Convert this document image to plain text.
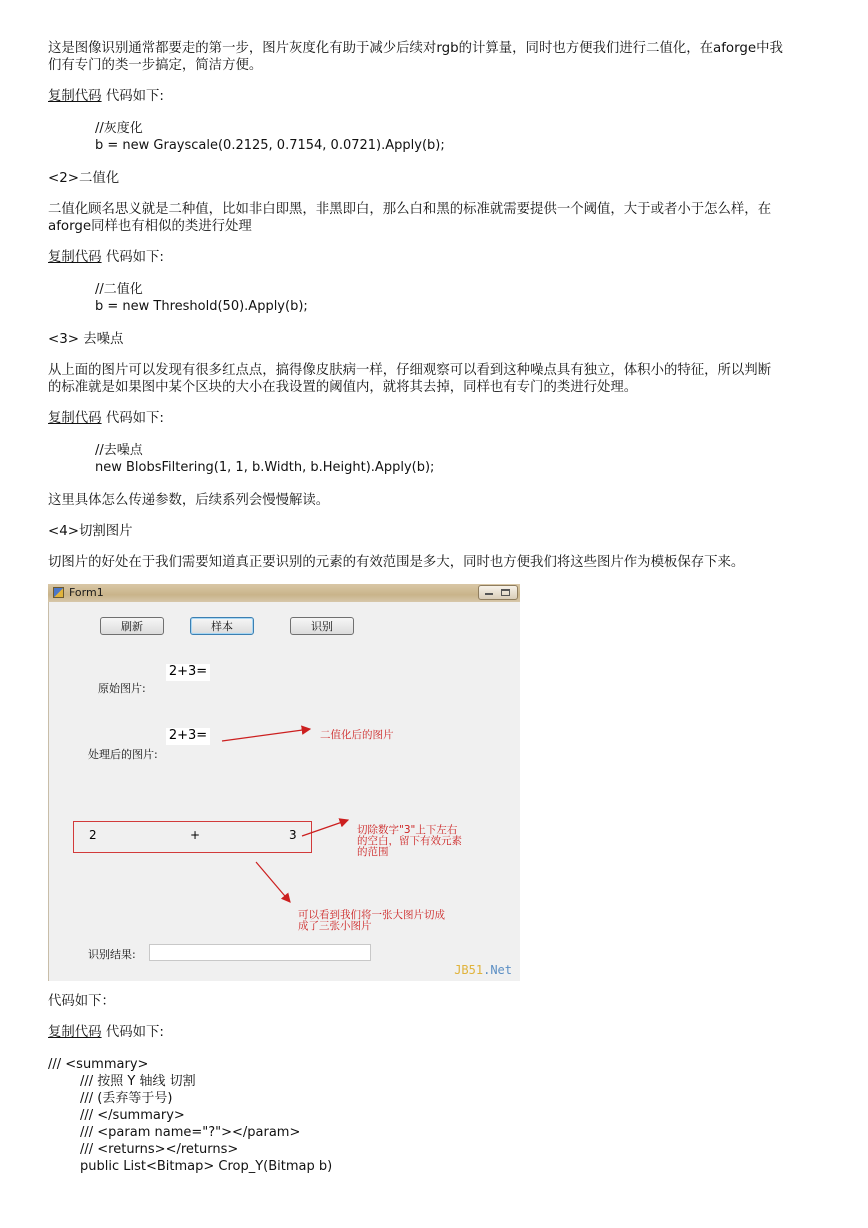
这是图像识别通常都要走的第一步，图片灰度化有助于减少后续对rgb的计算量，同时也方便我们进行二值化，在aforge中我
们有专门的类一步搞定，简洁方便。
复制代码 代码如下:
//灰度化
b = new Grayscale(0.2125, 0.7154, 0.0721).Apply(b);
<2>二值化
二值化顾名思义就是二种值，比如非白即黑，非黑即白，那么白和黑的标准就需要提供一个阈值，大于或者小于怎么样，在
aforge同样也有相似的类进行处理
复制代码 代码如下:
//二值化
b = new Threshold(50).Apply(b);
<3> 去噪点
从上面的图片可以发现有很多红点点，搞得像皮肤病一样，仔细观察可以看到这种噪点具有独立，体积小的特征，所以判断
的标准就是如果图中某个区块的大小在我设置的阈值内，就将其去掉，同样也有专门的类进行处理。
复制代码 代码如下:
//去噪点
new BlobsFiltering(1, 1, b.Width, b.Height).Apply(b);
这里具体怎么传递参数，后续系列会慢慢解读。
<4>切割图片
切图片的好处在于我们需要知道真正要识别的元素的有效范围是多大，同时也方便我们将这些图片作为模板保存下来。
Form1
刷新	样本	识别
原始图片:
2+3=
处理后的图片:
2+3=	二值化后的图片
2	+	3	切除数字"3"上下左右
的空白，留下有效元素
的范围
可以看到我们将一张大图片切成
成了三张小图片
识别结果:
JB51.Net
代码如下：
复制代码 代码如下:
/// <summary>
/// 按照 Y 轴线 切割
/// (丢弃等于号)
/// </summary>
/// <param name="?"></param>
/// <returns></returns>
public List<Bitmap> Crop_Y(Bitmap b)
